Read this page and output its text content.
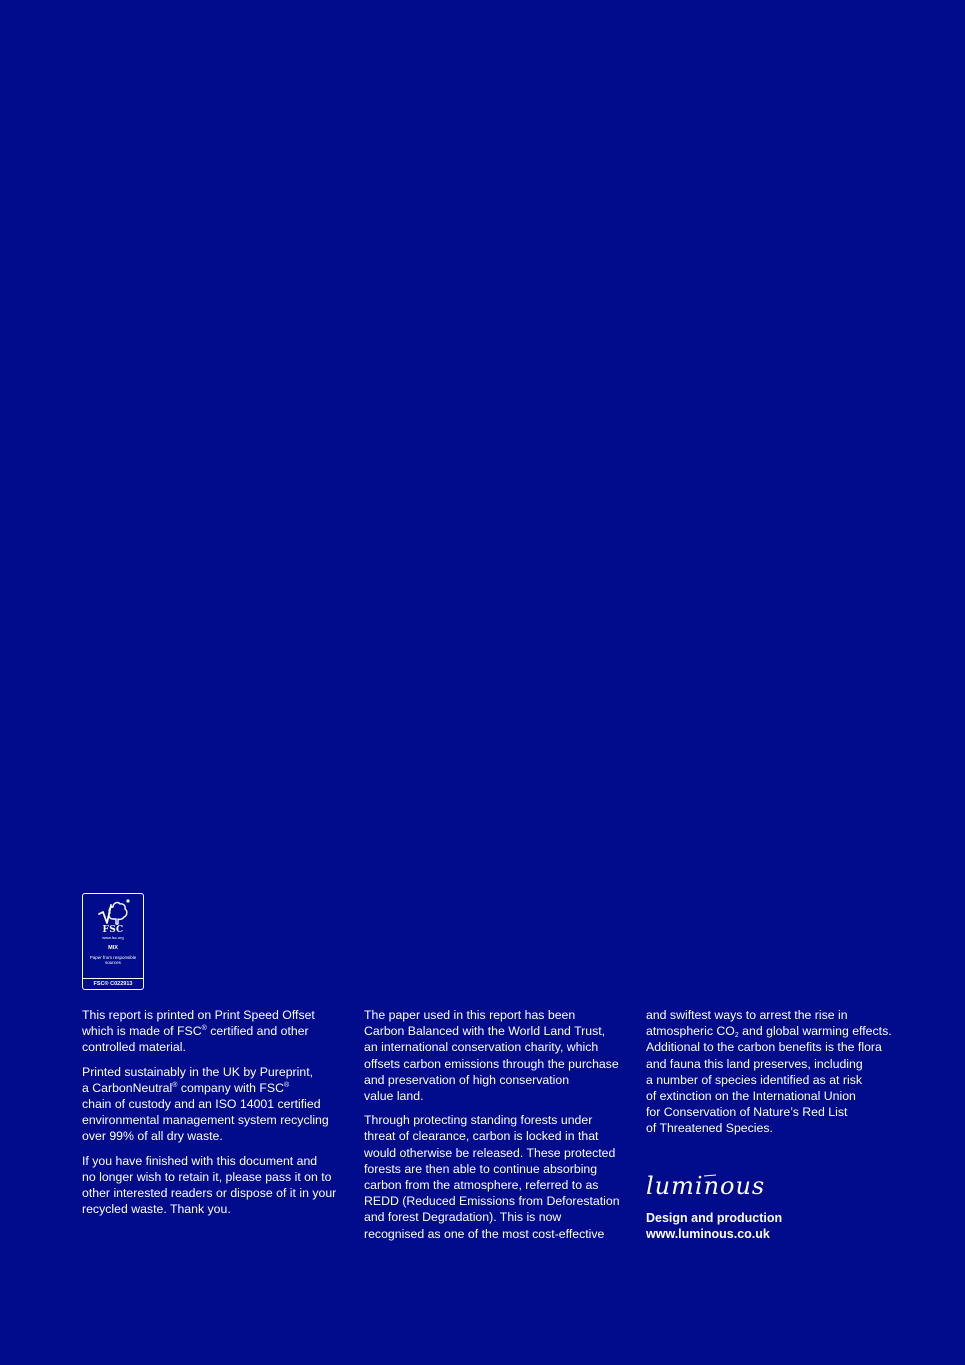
FSC
www.fsc.org
MIX
Paper from responsible sources
FSC® C022913

This report is printed on Print Speed Offset
which is made of FSC® certified and other
controlled material.

Printed sustainably in the UK by Pureprint,
a CarbonNeutral® company with FSC®
chain of custody and an ISO 14001 certified
environmental management system recycling
over 99% of all dry waste.

If you have finished with this document and
no longer wish to retain it, please pass it on to
other interested readers or dispose of it in your
recycled waste. Thank you.

The paper used in this report has been
Carbon Balanced with the World Land Trust,
an international conservation charity, which
offsets carbon emissions through the purchase
and preservation of high conservation
value land.

Through protecting standing forests under
threat of clearance, carbon is locked in that
would otherwise be released. These protected
forests are then able to continue absorbing
carbon from the atmosphere, referred to as
REDD (Reduced Emissions from Deforestation
and forest Degradation). This is now
recognised as one of the most cost-effective

and swiftest ways to arrest the rise in
atmospheric $CO_2$ and global warming effects.
Additional to the carbon benefits is the flora
and fauna this land preserves, including
a number of species identified as at risk
of extinction on the International Union
for Conservation of Nature’s Red List
of Threatened Species.

luminous
Design and production
www.luminous.co.uk
